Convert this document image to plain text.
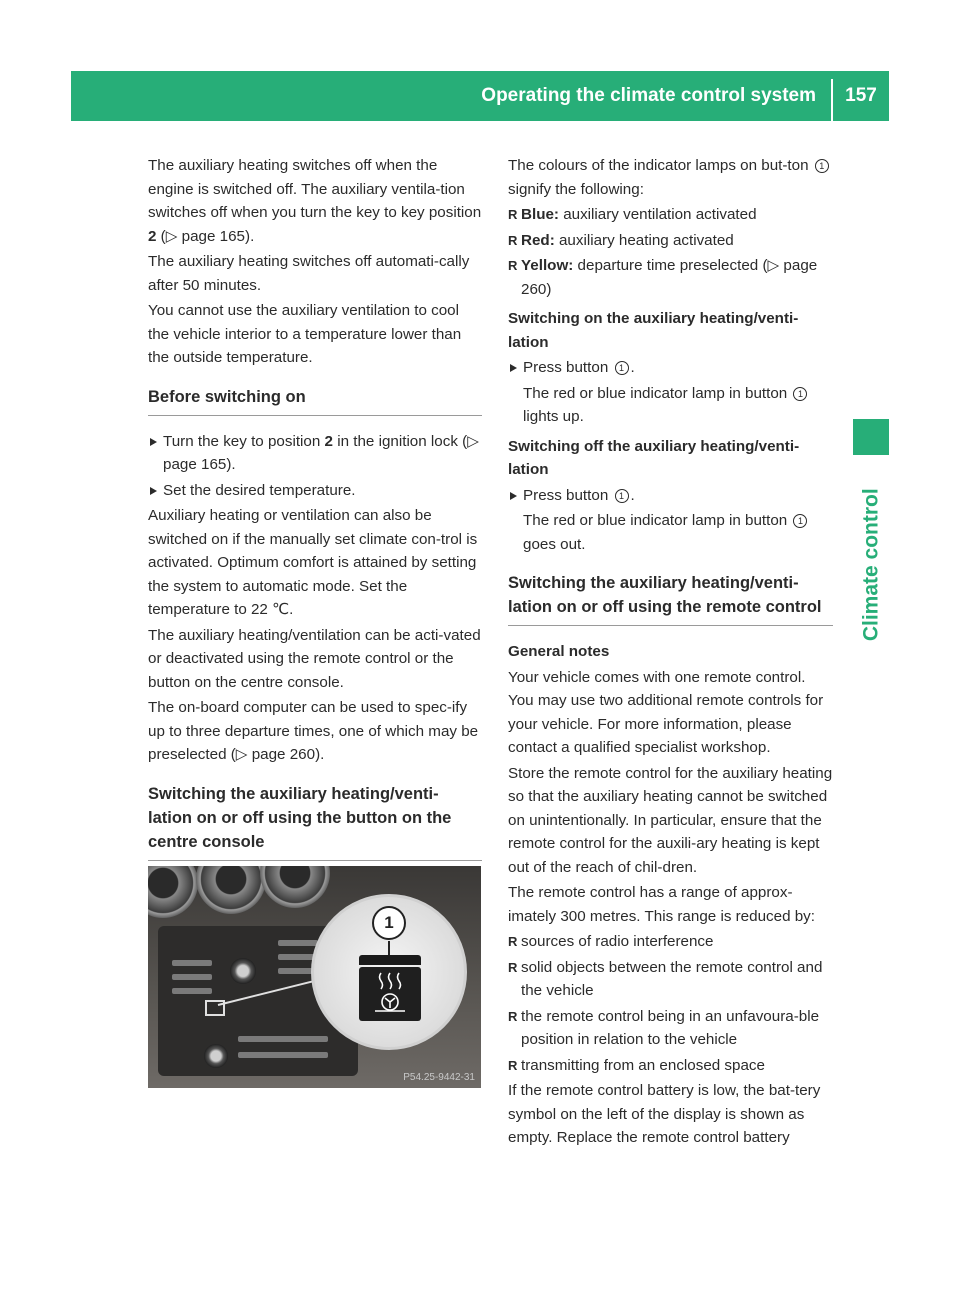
Operating the climate control system	157
Climate control

The auxiliary heating switches off when the engine is switched off. The auxiliary ventila-tion switches off when you turn the key to key position 2 (▷ page 165).

The auxiliary heating switches off automati-cally after 50 minutes.

You cannot use the auxiliary ventilation to cool the vehicle interior to a temperature lower than the outside temperature.

Before switching on
Turn the key to position 2 in the ignition lock (▷ page 165).
Set the desired temperature.

Auxiliary heating or ventilation can also be switched on if the manually set climate con-trol is activated. Optimum comfort is attained by setting the system to automatic mode. Set the temperature to 22 ℃.

The auxiliary heating/ventilation can be acti-vated or deactivated using the remote control or the button on the centre console.

The on-board computer can be used to spec-ify up to three departure times, one of which may be preselected (▷ page 260).

Switching the auxiliary heating/venti-lation on or off using the button on the centre console
1
P54.25-9442-31

The colours of the indicator lamps on but-ton 1 signify the following:

R Blue: auxiliary ventilation activated
R Red: auxiliary heating activated
R Yellow: departure time preselected (▷ page 260)
Switching on the auxiliary heating/venti-lation
Press button 1 .

The red or blue indicator lamp in button 1 lights up.

Switching off the auxiliary heating/venti-lation
Press button 1 .

The red or blue indicator lamp in button 1 goes out.

Switching the auxiliary heating/venti-lation on or off using the remote control
General notes

Your vehicle comes with one remote control. You may use two additional remote controls for your vehicle. For more information, please contact a qualified specialist workshop.

Store the remote control for the auxiliary heating so that the auxiliary heating cannot be switched on unintentionally. In particular, ensure that the remote control for the auxili-ary heating is kept out of the reach of chil-dren.

The remote control has a range of approx-imately 300 metres. This range is reduced by:

R sources of radio interference
R solid objects between the remote control and the vehicle
R the remote control being in an unfavoura-ble position in relation to the vehicle
R transmitting from an enclosed space

If the remote control battery is low, the bat-tery symbol on the left of the display is shown as empty. Replace the remote control battery
